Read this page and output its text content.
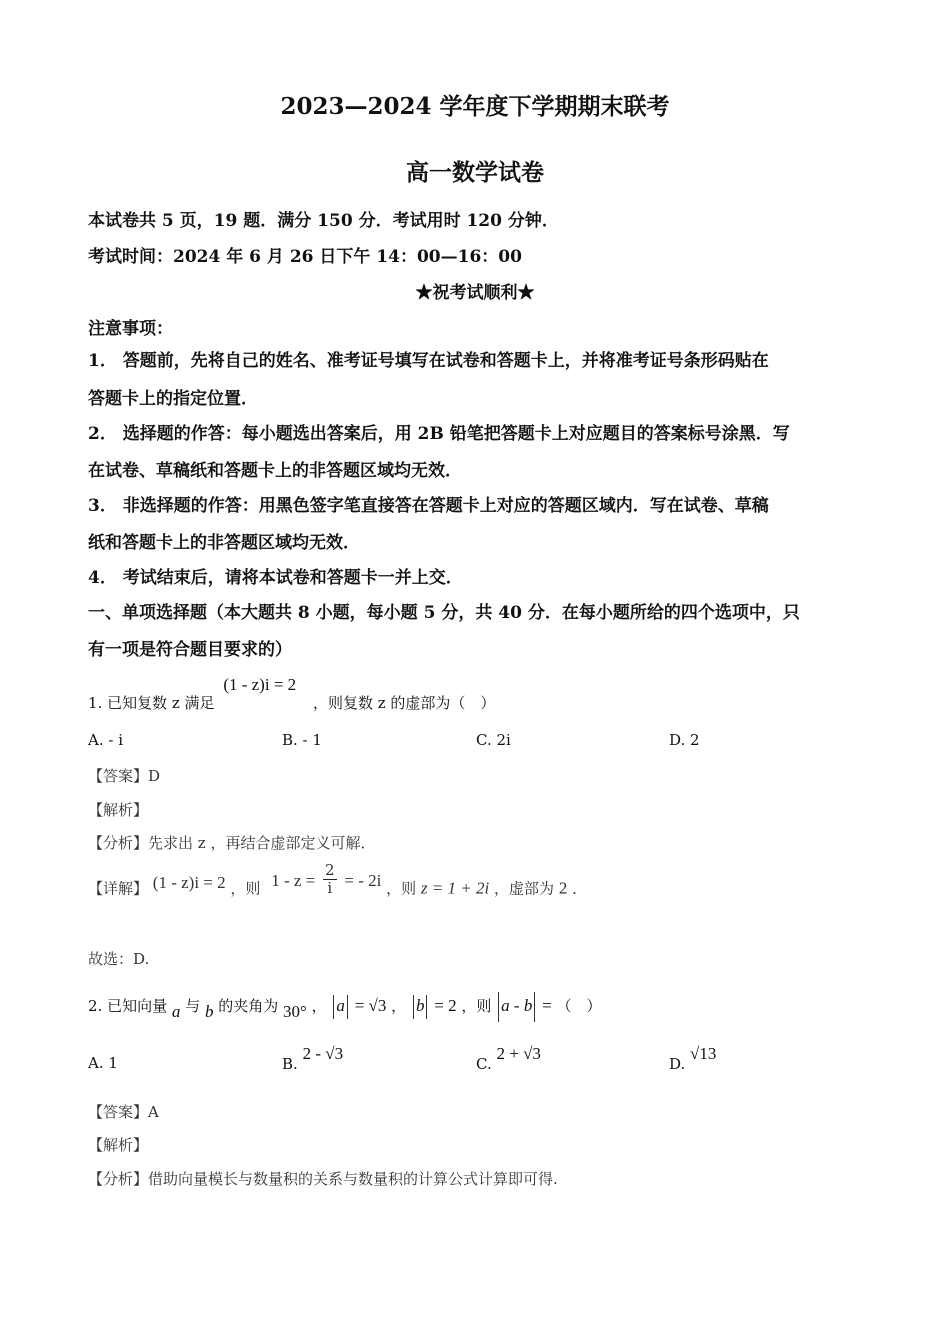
2023—2024 学年度下学期期末联考
高一数学试卷
本试卷共 5 页，19 题．满分 150 分．考试用时 120 分钟．
考试时间：2024 年 6 月 26 日下午 14：00—16：00
★祝考试顺利★
注意事项：
1． 答题前，先将自己的姓名、准考证号填写在试卷和答题卡上，并将准考证号条形码贴在
答题卡上的指定位置．
2． 选择题的作答：每小题选出答案后，用 2B 铅笔把答题卡上对应题目的答案标号涂黑．写
在试卷、草稿纸和答题卡上的非答题区域均无效．
3． 非选择题的作答：用黑色签字笔直接答在答题卡上对应的答题区域内．写在试卷、草稿
纸和答题卡上的非答题区域均无效．
4． 考试结束后，请将本试卷和答题卡一并上交．
一、单项选择题（本大题共 8 小题，每小题 5 分，共 40 分．在每小题所给的四个选项中，只
有一项是符合题目要求的）
1. 已知复数 z 满足 (1 - z)i = 2 ，则复数 z 的虚部为（　）
A. - i	B. - 1	C. 2i	D. 2
【答案】D
【解析】
【分析】先求出 z ，再结合虚部定义可解．
【详解】 (1 - z)i = 2 ，则 $1 - z = \frac{2}{i}$ = - 2i ，则 z = 1 + 2i ，虚部为 2 ．
故选：D.
2. 已知向量 a 与 b 的夹角为 30° ， a = √3 ， b = 2 ，则 a - b = （　）
A. 1	B. 2 - √3
C. 2 + √3
D. √13
【答案】A
【解析】
【分析】借助向量模长与数量积的关系与数量积的计算公式计算即可得.
